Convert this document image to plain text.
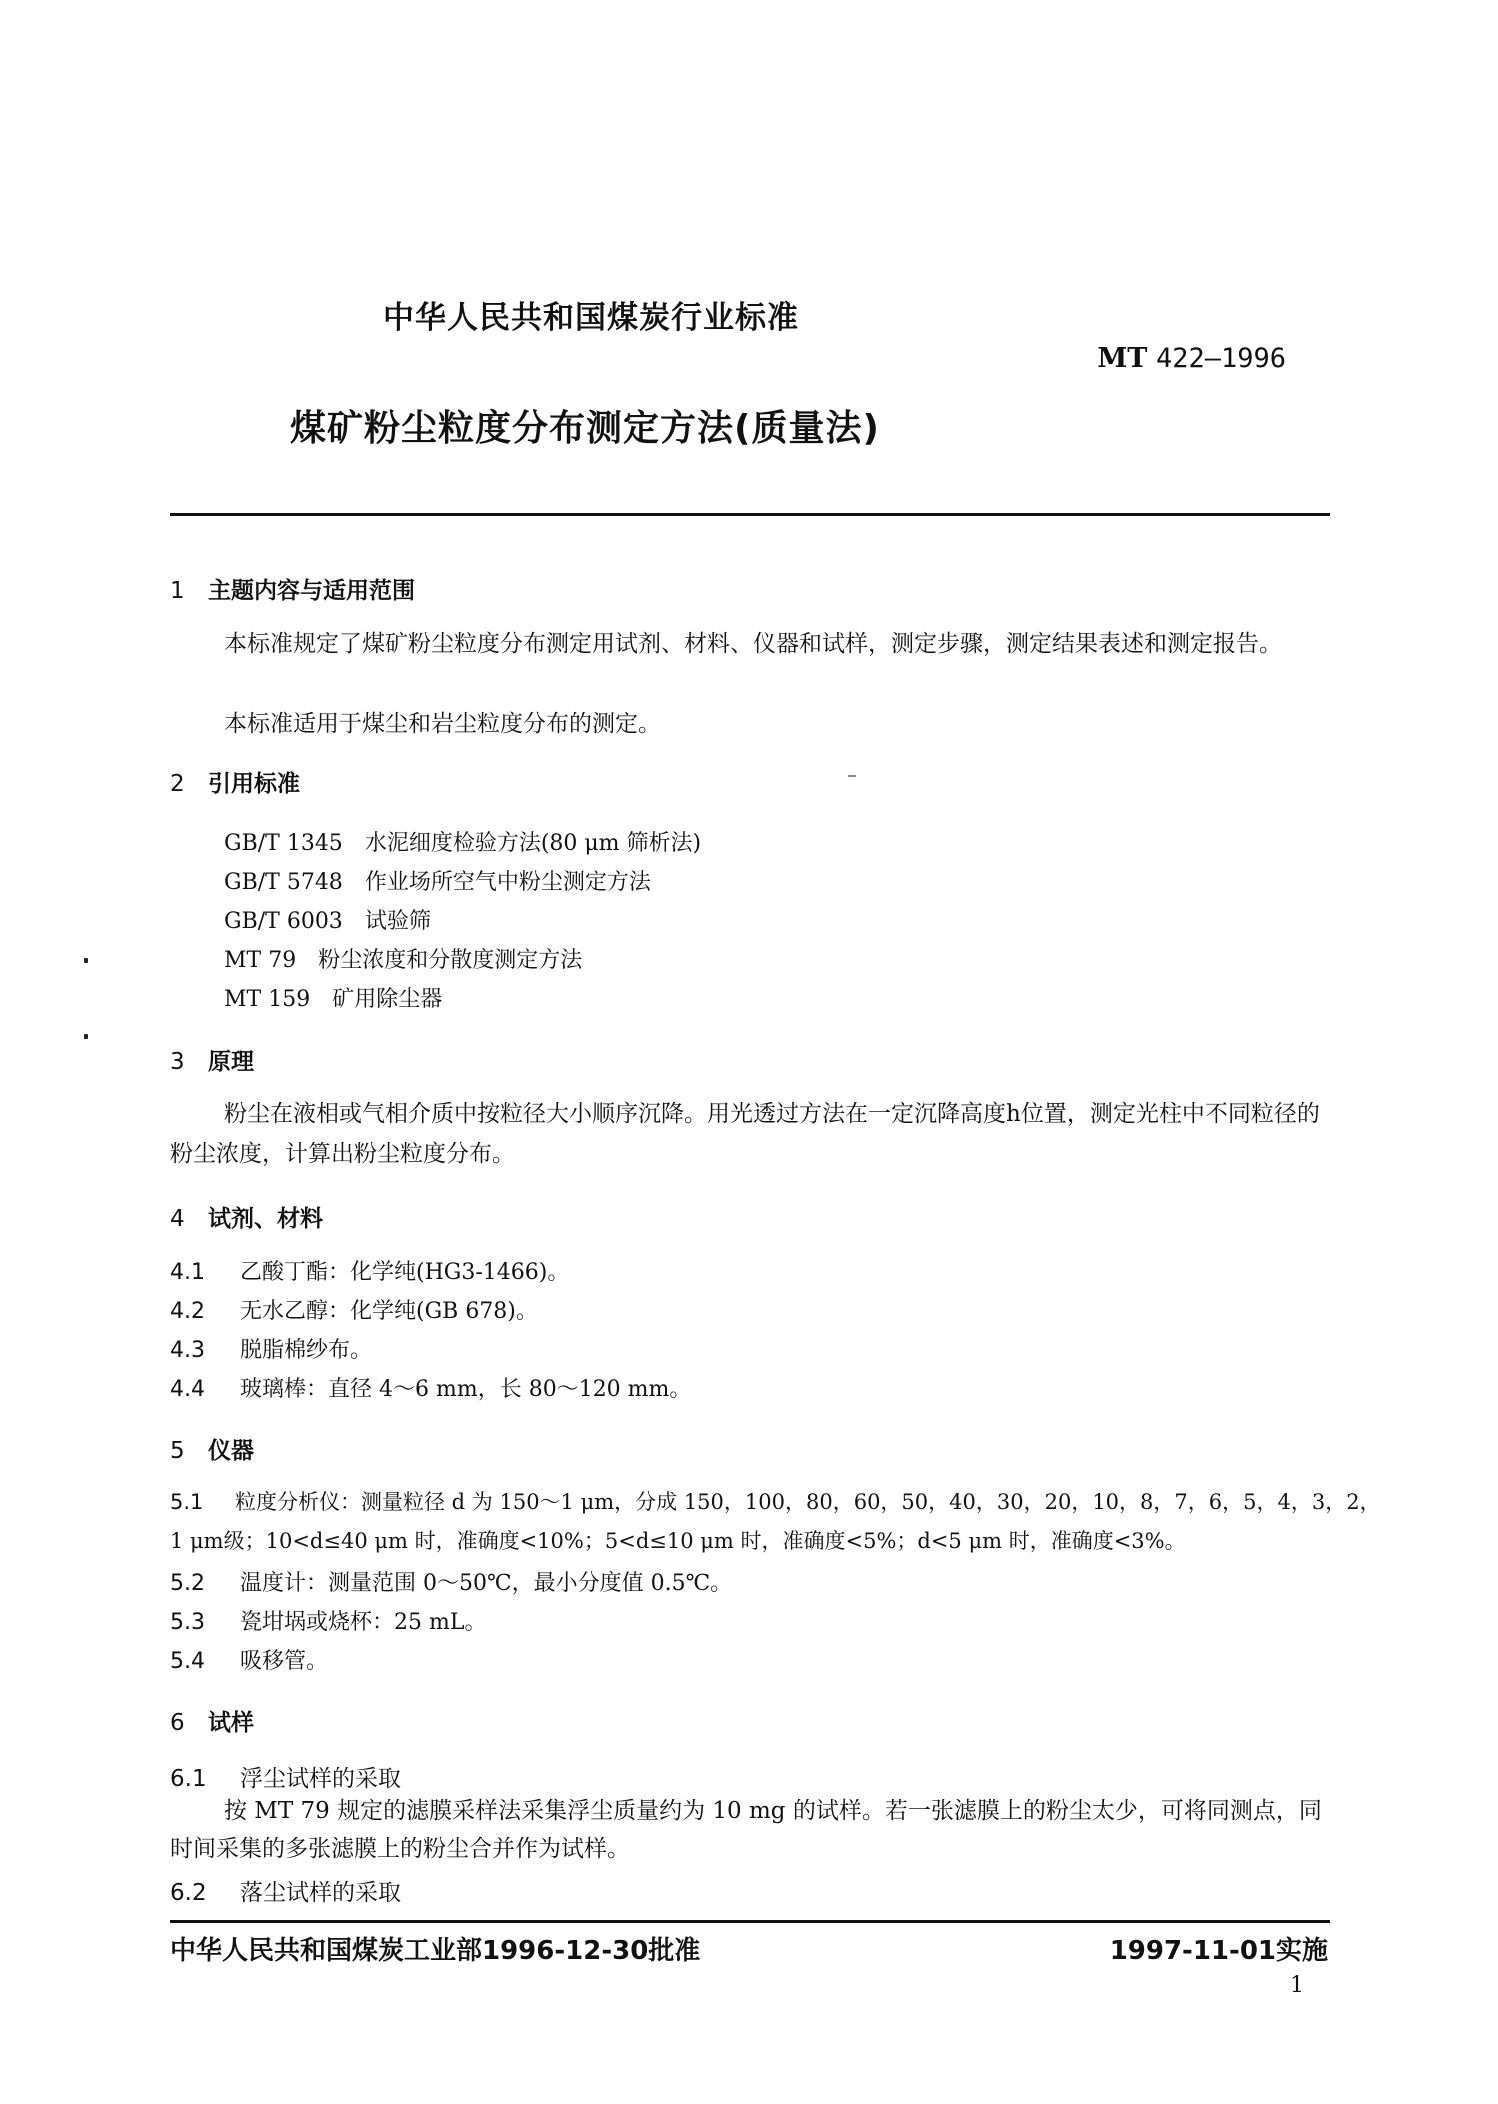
中华人民共和国煤炭行业标准
MT 422—1996
煤矿粉尘粒度分布测定方法(质量法)
1 主题内容与适用范围
本标准规定了煤矿粉尘粒度分布测定用试剂、材料、仪器和试样，测定步骤，测定结果表述和测定报告。
本标准适用于煤尘和岩尘粒度分布的测定。
2 引用标准
GB/T 1345 水泥细度检验方法(80 μm 筛析法)
GB/T 5748 作业场所空气中粉尘测定方法
GB/T 6003 试验筛
MT 79 粉尘浓度和分散度测定方法
MT 159 矿用除尘器
3 原理
粉尘在液相或气相介质中按粒径大小顺序沉降。用光透过方法在一定沉降高度h位置，测定光柱中不同粒径的粉尘浓度，计算出粉尘粒度分布。
4 试剂、材料
4.1 乙酸丁酯：化学纯(HG3-1466)。
4.2 无水乙醇：化学纯(GB 678)。
4.3 脱脂棉纱布。
4.4 玻璃棒：直径 4～6 mm，长 80～120 mm。
5 仪器
5.1 粒度分析仪：测量粒径 d 为 150～1 μm，分成 150，100，80，60，50，40，30，20，10，8，7，6，5，4，3，2，
1 μm级；10<d≤40 μm 时，准确度<10%；5<d≤10 μm 时，准确度<5%；d<5 μm 时，准确度<3%。
5.2 温度计：测量范围 0～50℃，最小分度值 0.5℃。
5.3 瓷坩埚或烧杯：25 mL。
5.4 吸移管。
6 试样
6.1 浮尘试样的采取
按 MT 79 规定的滤膜采样法采集浮尘质量约为 10 mg 的试样。若一张滤膜上的粉尘太少，可将同测点，同时间采集的多张滤膜上的粉尘合并作为试样。
6.2 落尘试样的采取
中华人民共和国煤炭工业部1996-12-30批准	1997-11-01实施
1
